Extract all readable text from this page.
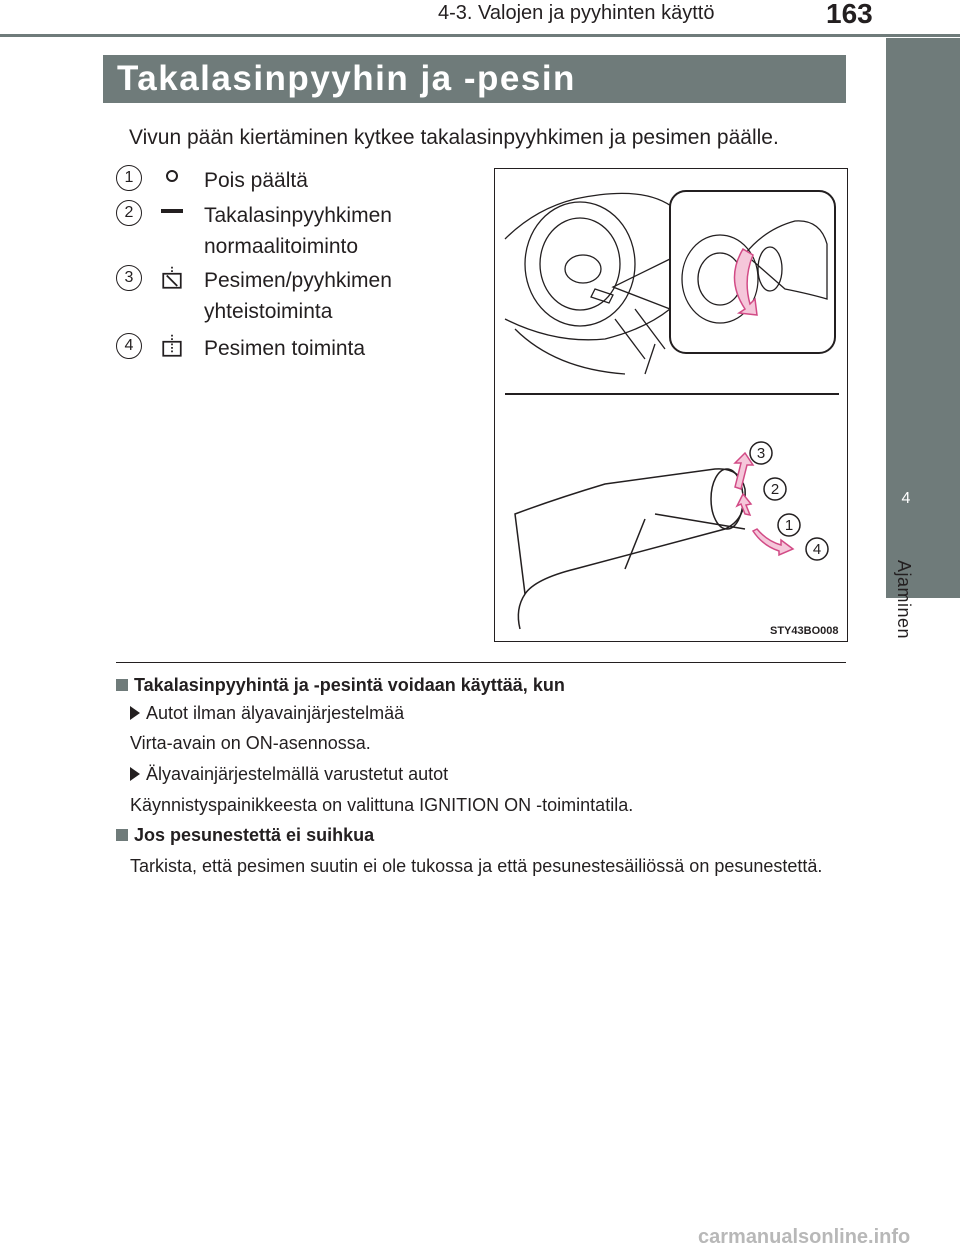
4-3. Valojen ja pyyhinten käyttö	163
4
Ajaminen
Takalasinpyyhin ja -pesin
Vivun pään kiertäminen kytkee takalasinpyyhkimen ja pesimen päälle.
1	Pois päältä
2	Takalasinpyyhkimen
normaalitoiminto
3	Pesimen/pyyhkimen
yhteistoiminta
4	Pesimen toiminta
3
2
1
4
STY43BO008
Takalasinpyyhintä ja -pesintä voidaan käyttää, kun
Autot ilman älyavainjärjestelmää
Virta-avain on ON-asennossa.
Älyavainjärjestelmällä varustetut autot
Käynnistyspainikkeesta on valittuna IGNITION ON -toimintatila.
Jos pesunestettä ei suihkua
Tarkista, että pesimen suutin ei ole tukossa ja että pesunestesäiliössä on pesunestettä.
carmanualsonline.info
